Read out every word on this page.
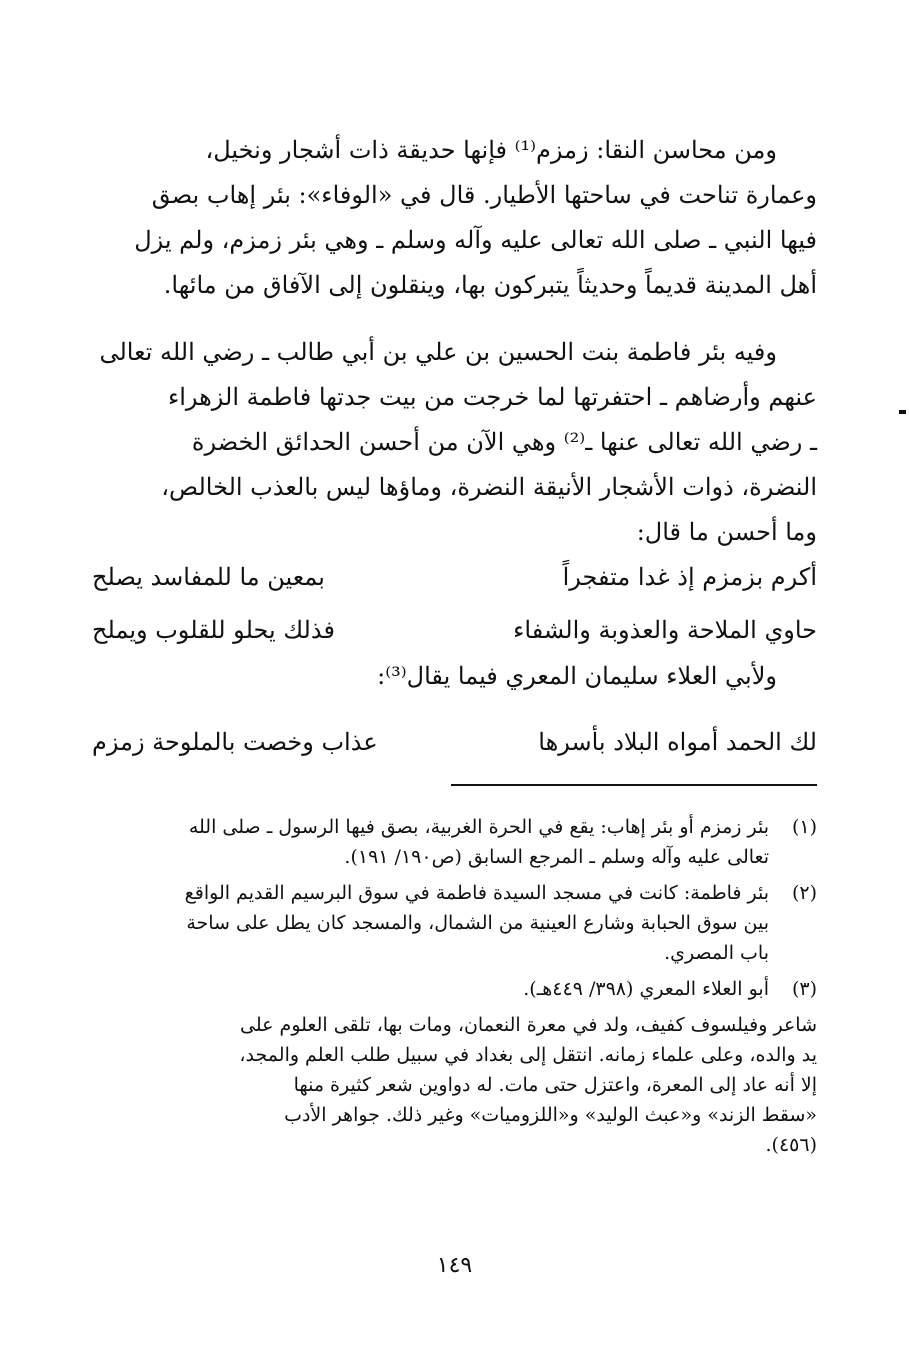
ومن محاسن النقا: زمزم⁽¹⁾ فإنها حديقة ذات أشجار ونخيل،

وعمارة تناحت في ساحتها الأطيار. قال في «الوفاء»: بئر إهاب بصق

فيها النبي ـ صلى الله تعالى عليه وآله وسلم ـ وهي بئر زمزم، ولم يزل

أهل المدينة قديماً وحديثاً يتبركون بها، وينقلون إلى الآفاق من مائها.

وفيه بئر فاطمة بنت الحسين بن علي بن أبي طالب ـ رضي الله تعالى

عنهم وأرضاهم ـ احتفرتها لما خرجت من بيت جدتها فاطمة الزهراء

ـ رضي الله تعالى عنها ـ⁽²⁾ وهي الآن من أحسن الحدائق الخضرة

النضرة، ذوات الأشجار الأنيقة النضرة، وماؤها ليس بالعذب الخالص،

وما أحسن ما قال:

أكرم بزمزم إذ غدا متفجراً
بمعين ما للمفاسد يصلح
حاوي الملاحة والعذوبة والشفاء
فذلك يحلو للقلوب ويملح
ولأبي العلاء سليمان المعري فيما يقال⁽³⁾:
لك الحمد أمواه البلاد بأسرها
عذاب وخصت بالملوحة زمزم
(١)

بئر زمزم أو بئر إهاب: يقع في الحرة الغربية، بصق فيها الرسول ـ صلى الله

تعالى عليه وآله وسلم ـ المرجع السابق (ص١٩٠/ ١٩١).

(٢)

بئر فاطمة: كانت في مسجد السيدة فاطمة في سوق البرسيم القديم الواقع

بين سوق الحبابة وشارع العينية من الشمال، والمسجد كان يطل على ساحة

باب المصري.

(٣)

أبو العلاء المعري (٣٩٨/ ٤٤٩هـ).

شاعر وفيلسوف كفيف، ولد في معرة النعمان، ومات بها، تلقى العلوم على

يد والده، وعلى علماء زمانه. انتقل إلى بغداد في سبيل طلب العلم والمجد،

إلا أنه عاد إلى المعرة، واعتزل حتى مات. له دواوين شعر كثيرة منها

«سقط الزند» و«عبث الوليد» و«اللزوميات» وغير ذلك. جواهر الأدب

(٤٥٦).

١٤٩
